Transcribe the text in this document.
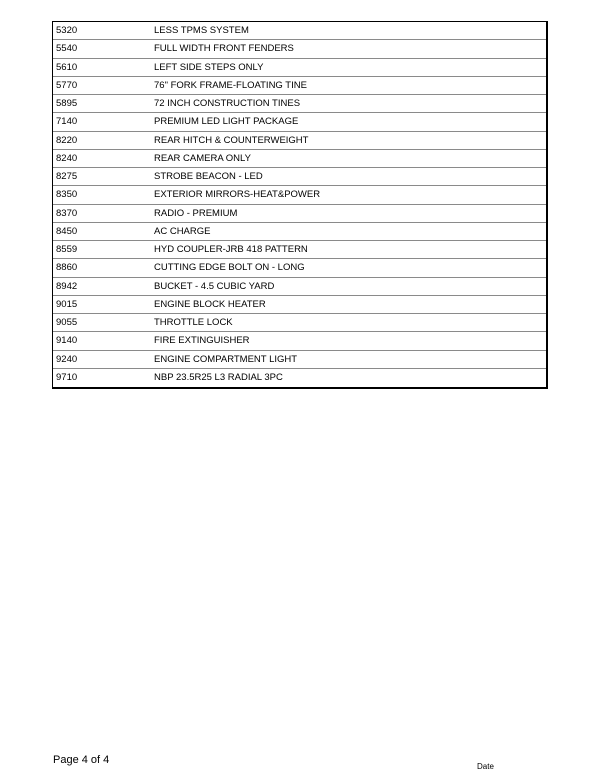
5320	LESS TPMS SYSTEM
5540	FULL WIDTH FRONT FENDERS
5610	LEFT SIDE STEPS ONLY
5770	76" FORK FRAME-FLOATING TINE
5895	72 INCH CONSTRUCTION TINES
7140	PREMIUM LED LIGHT PACKAGE
8220	REAR HITCH & COUNTERWEIGHT
8240	REAR CAMERA ONLY
8275	STROBE BEACON - LED
8350	EXTERIOR MIRRORS-HEAT&POWER
8370	RADIO - PREMIUM
8450	AC CHARGE
8559	HYD COUPLER-JRB 418 PATTERN
8860	CUTTING EDGE BOLT ON - LONG
8942	BUCKET - 4.5 CUBIC YARD
9015	ENGINE BLOCK HEATER
9055	THROTTLE LOCK
9140	FIRE EXTINGUISHER
9240	ENGINE COMPARTMENT LIGHT
9710	NBP 23.5R25 L3 RADIAL 3PC
Page 4 of 4
Date
